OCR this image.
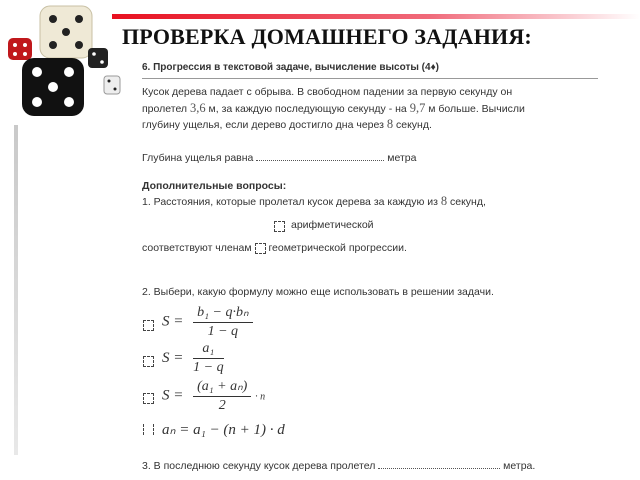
ПРОВЕРКА ДОМАШНЕГО ЗАДАНИЯ:
6. Прогрессия в текстовой задаче, вычисление высоты (4♦)
Кусок дерева падает с обрыва. В свободном падении за первую секунду он
пролетел 3,6 м, за каждую последующую секунду - на 9,7 м больше. Вычисли
глубину ущелья, если дерево достигло дна через 8 секунд.
Глубина ущелья равна	метра
Дополнительные вопросы:
1. Расстояния, которые пролетал кусок дерева за каждую из 8 секунд,
арифметической
соответствуют членам геометрической прогрессии.
2. Выбери, какую формулу можно еще использовать в решении задачи.
$S = \frac{\text{b₁ − q·bₙ}}{1 - q}$
$S = \frac{\text{a₁}}{1 - q}$
$S = \frac{\text{(a₁ + aₙ)}}{2} \cdot n$
aₙ = a₁ − (n + 1) · d
3. В последнюю секунду кусок дерева пролетел	метра.
